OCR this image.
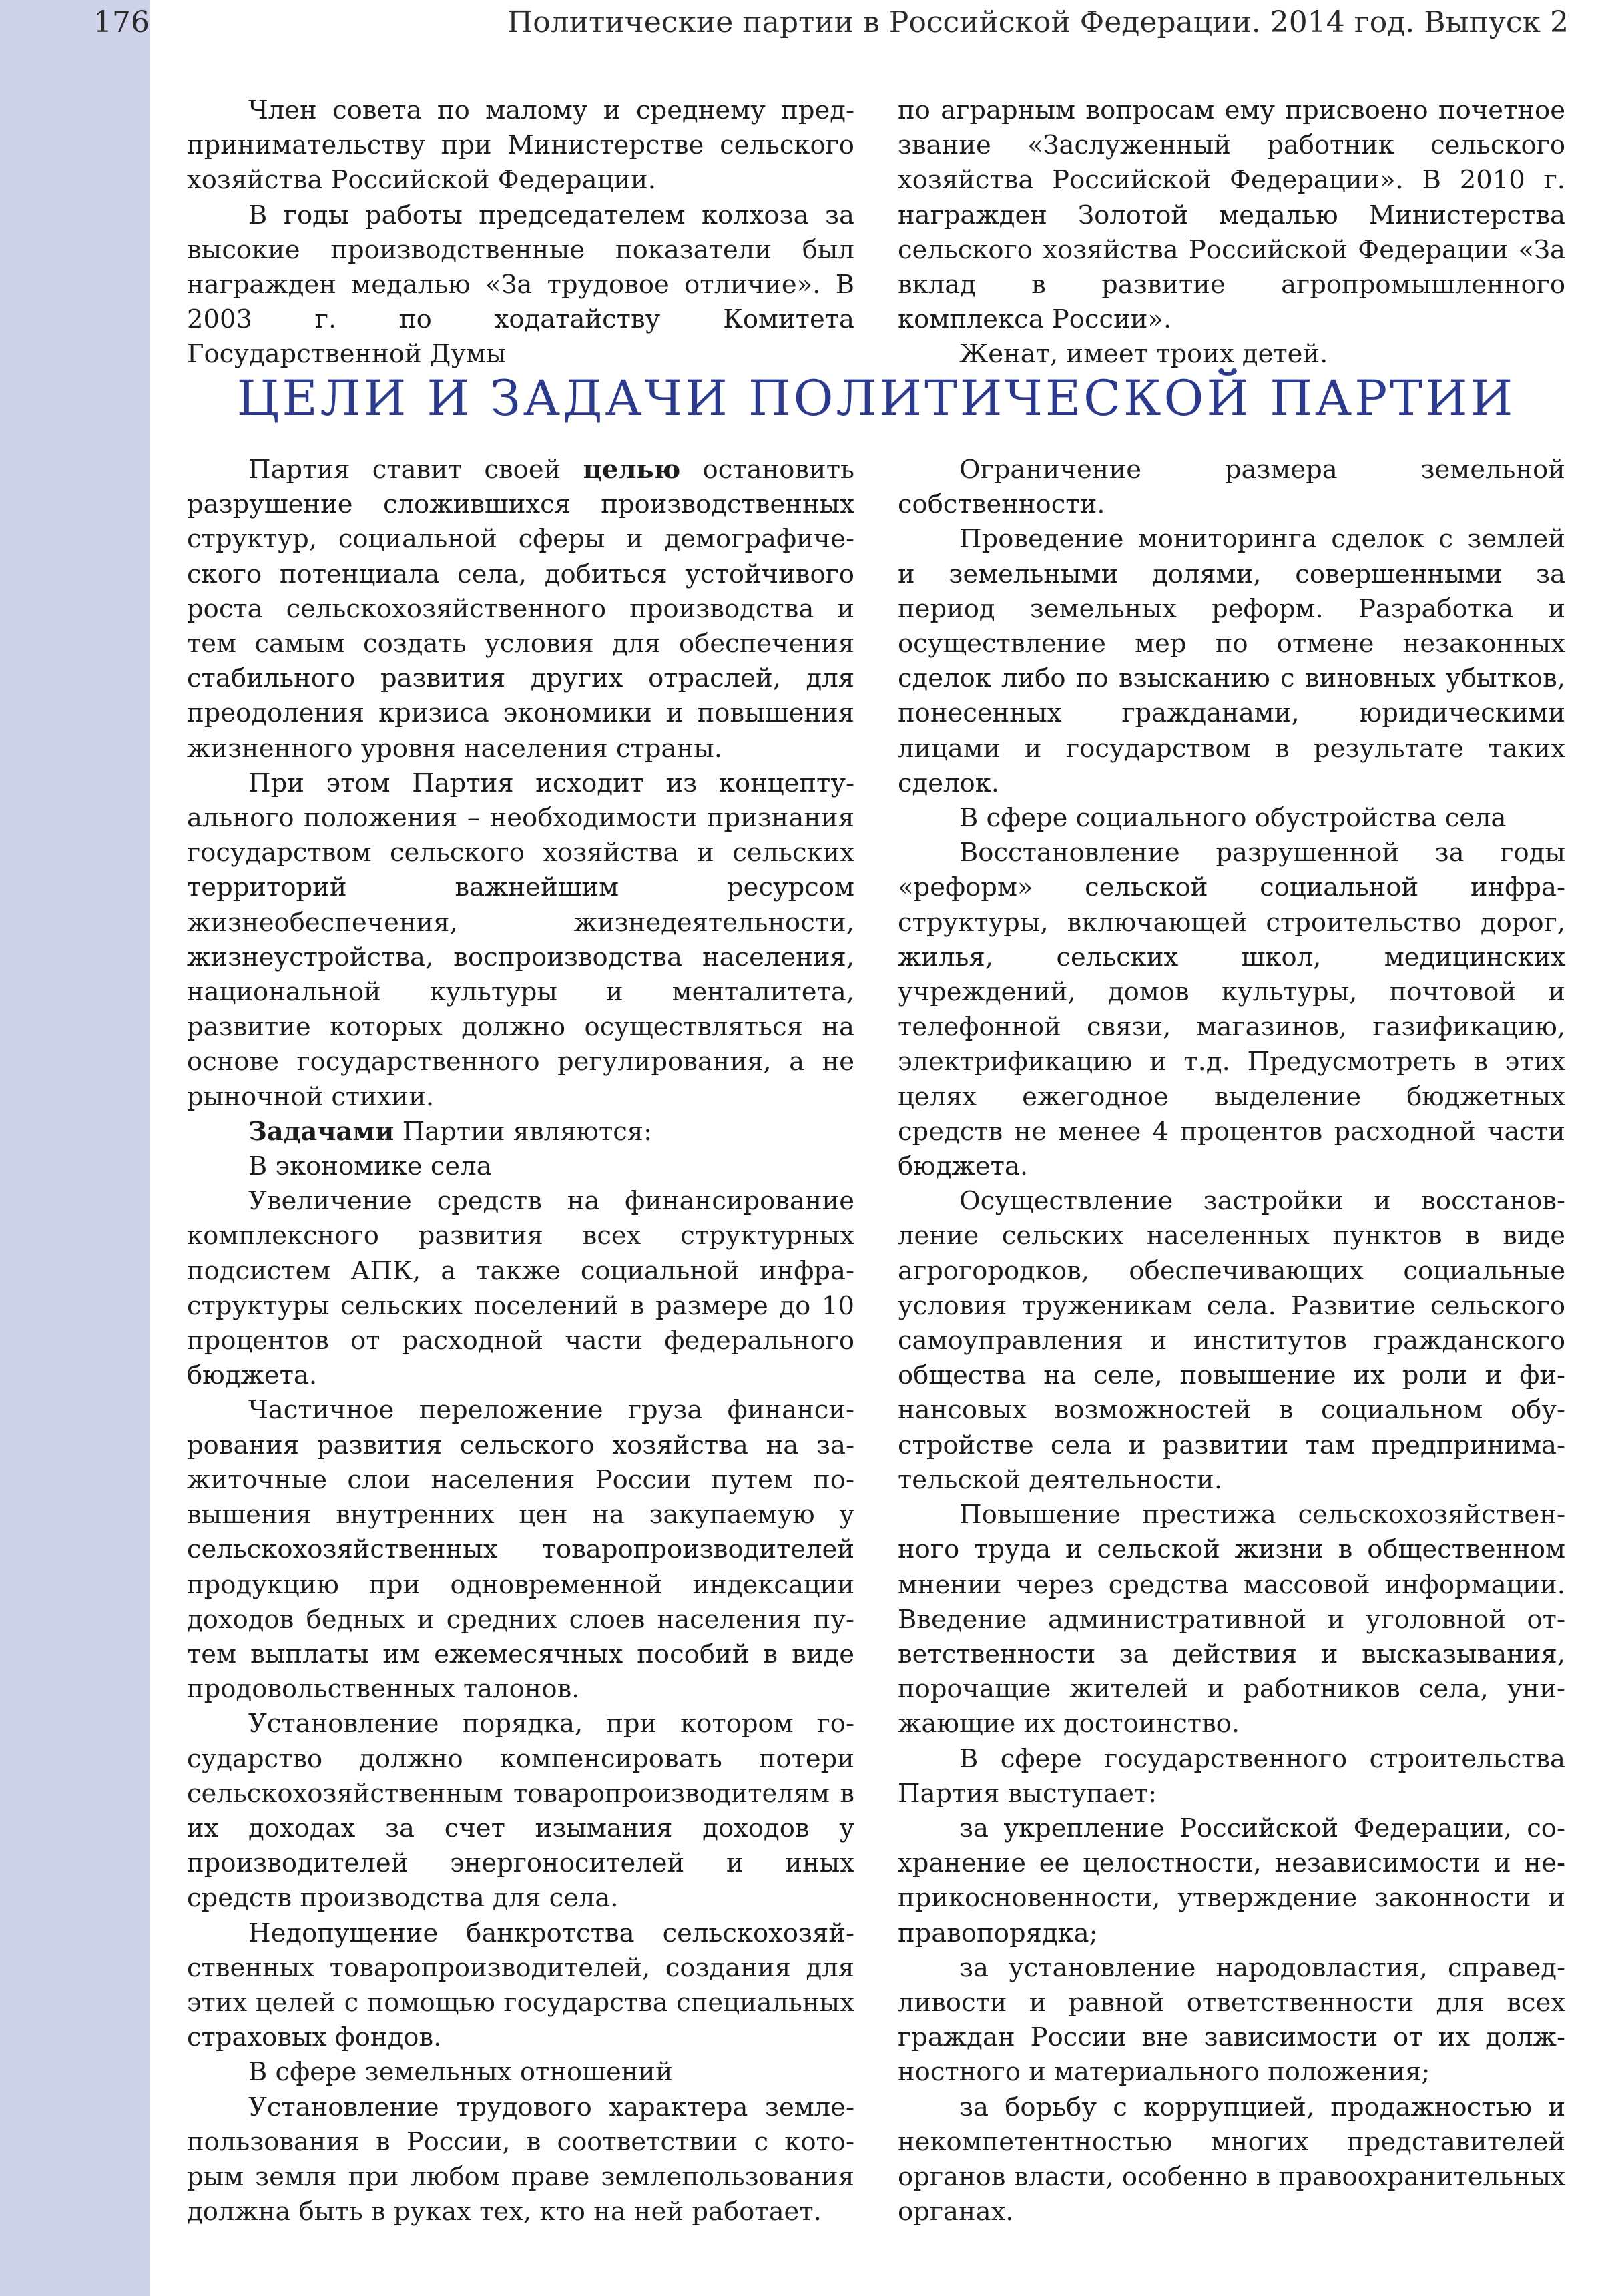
176	Политические партии в Российской Федерации. 2014 год. Выпуск 2

Член совета по малому и среднему предпринимательству при Министерстве сельского хозяйства Российской Федерации.

В годы работы председателем колхоза за высокие производственные показатели был награжден медалью «За трудовое отличие». В 2003 г. по ходатайству Комитета Государственной Думы

по аграрным вопросам ему присвоено почетное звание «Заслуженный работник сельского хозяйства Российской Федерации». В 2010 г. награжден Золотой медалью Министерства сельского хозяйства Российской Федерации «За вклад в развитие агропромышленного комплекса России».

Женат, имеет троих детей.

ЦЕЛИ И ЗАДАЧИ ПОЛИТИЧЕСКОЙ ПАРТИИ

Партия ставит своей целью остановить разрушение сложившихся производственных структур, социальной сферы и демографического потенциала села, добиться устойчивого роста сельскохозяйственного производства и тем самым создать условия для обеспечения стабильного развития других отраслей, для преодоления кризиса экономики и повышения жизненного уровня населения страны.

При этом Партия исходит из концептуального положения – необходимости признания государством сельского хозяйства и сельских территорий важнейшим ресурсом жизнеобеспечения, жизнедеятельности, жизнеустройства, воспроизводства населения, национальной культуры и менталитета, развитие которых должно осуществляться на основе государственного регулирования, а не рыночной стихии.

Задачами Партии являются:

В экономике села

Увеличение средств на финансирование комплексного развития всех структурных подсистем АПК, а также социальной инфраструктуры сельских поселений в размере до 10 процентов от расходной части федерального бюджета.

Частичное переложение груза финансирования развития сельского хозяйства на зажиточные слои населения России путем повышения внутренних цен на закупаемую у сельскохозяйственных товаропроизводителей продукцию при одновременной индексации доходов бедных и средних слоев населения путем выплаты им ежемесячных пособий в виде продовольственных талонов.

Установление порядка, при котором государство должно компенсировать потери сельскохозяйственным товаропроизводителям в их доходах за счет изымания доходов у производителей энергоносителей и иных средств производства для села.

Недопущение банкротства сельскохозяйственных товаропроизводителей, создания для этих целей с помощью государства специальных страховых фондов.

В сфере земельных отношений

Установление трудового характера землепользования в России, в соответствии с которым земля при любом праве землепользования должна быть в руках тех, кто на ней работает.

Ограничение размера земельной собственности.

Проведение мониторинга сделок с землей и земельными долями, совершенными за период земельных реформ. Разработка и осуществление мер по отмене незаконных сделок либо по взысканию с виновных убытков, понесенных гражданами, юридическими лицами и государством в результате таких сделок.

В сфере социального обустройства села

Восстановление разрушенной за годы «реформ» сельской социальной инфраструктуры, включающей строительство дорог, жилья, сельских школ, медицинских учреждений, домов культуры, почтовой и телефонной связи, магазинов, газификацию, электрификацию и т.д. Предусмотреть в этих целях ежегодное выделение бюджетных средств не менее 4 процентов расходной части бюджета.

Осуществление застройки и восстановление сельских населенных пунктов в виде агрогородков, обеспечивающих социальные условия труженикам села. Развитие сельского самоуправления и институтов гражданского общества на селе, повышение их роли и финансовых возможностей в социальном обустройстве села и развитии там предпринимательской деятельности.

Повышение престижа сельскохозяйственного труда и сельской жизни в общественном мнении через средства массовой информации. Введение административной и уголовной ответственности за действия и высказывания, порочащие жителей и работников села, унижающие их достоинство.

В сфере государственного строительства Партия выступает:

за укрепление Российской Федерации, сохранение ее целостности, независимости и неприкосновенности, утверждение законности и правопорядка;

за установление народовластия, справедливости и равной ответственности для всех граждан России вне зависимости от их должностного и материального положения;

за борьбу с коррупцией, продажностью и некомпетентностью многих представителей органов власти, особенно в правоохранительных органах.
